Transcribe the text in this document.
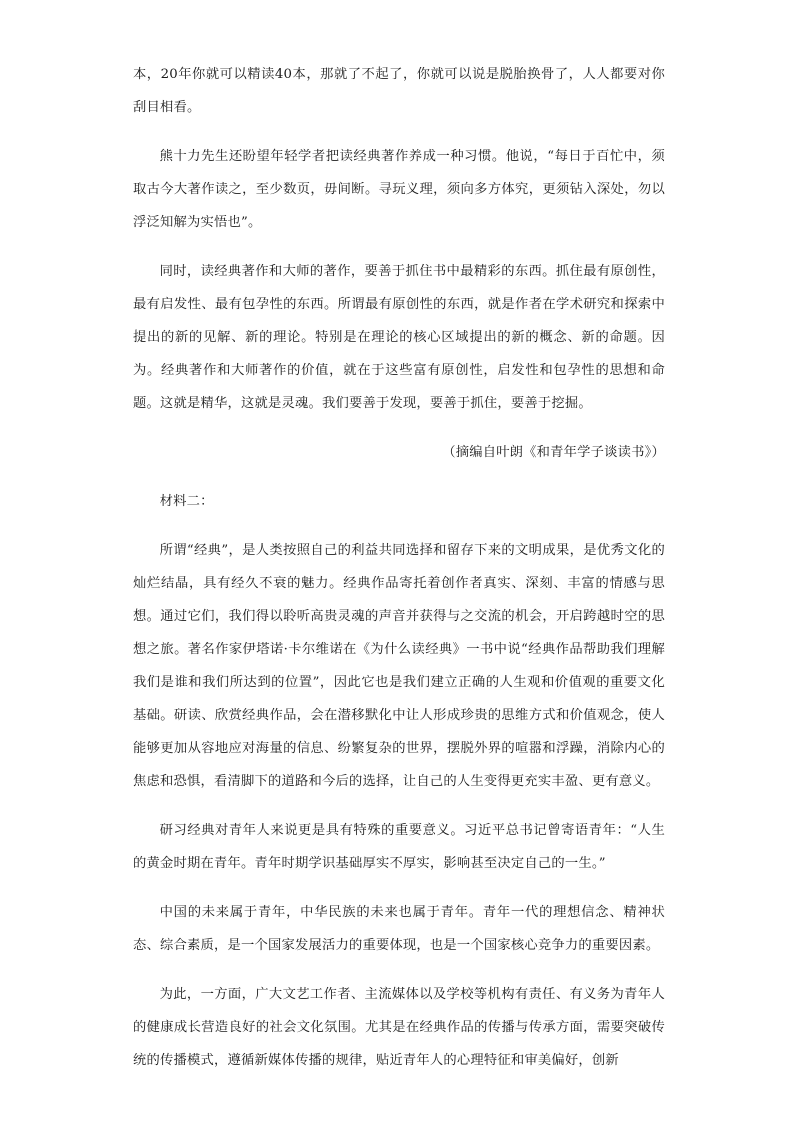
本，20年你就可以精读40本，那就了不起了，你就可以说是脱胎换骨了，人人都要对你刮目相看。

熊十力先生还盼望年轻学者把读经典著作养成一种习惯。他说，“每日于百忙中，须取古今大著作读之，至少数页，毋间断。寻玩义理，须向多方体究，更须钻入深处，勿以浮泛知解为实悟也”。

同时，读经典著作和大师的著作，要善于抓住书中最精彩的东西。抓住最有原创性，最有启发性、最有包孕性的东西。所谓最有原创性的东西，就是作者在学术研究和探索中提出的新的见解、新的理论。特别是在理论的核心区域提出的新的概念、新的命题。因为。经典著作和大师著作的价值，就在于这些富有原创性，启发性和包孕性的思想和命题。这就是精华，这就是灵魂。我们要善于发现，要善于抓住，要善于挖掘。

（摘编自叶朗《和青年学子谈读书》）

材料二：

所谓“经典”，是人类按照自己的利益共同选择和留存下来的文明成果，是优秀文化的灿烂结晶，具有经久不衰的魅力。经典作品寄托着创作者真实、深刻、丰富的情感与思想。通过它们，我们得以聆听高贵灵魂的声音并获得与之交流的机会，开启跨越时空的思想之旅。著名作家伊塔诺·卡尔维诺在《为什么读经典》一书中说“经典作品帮助我们理解我们是谁和我们所达到的位置”，因此它也是我们建立正确的人生观和价值观的重要文化基础。研读、欣赏经典作品，会在潜移默化中让人形成珍贵的思维方式和价值观念，使人能够更加从容地应对海量的信息、纷繁复杂的世界，摆脱外界的喧嚣和浮躁，消除内心的焦虑和恐惧，看清脚下的道路和今后的选择，让自己的人生变得更充实丰盈、更有意义。

研习经典对青年人来说更是具有特殊的重要意义。习近平总书记曾寄语青年：“人生的黄金时期在青年。青年时期学识基础厚实不厚实，影响甚至决定自己的一生。”

中国的未来属于青年，中华民族的未来也属于青年。青年一代的理想信念、精神状态、综合素质，是一个国家发展活力的重要体现，也是一个国家核心竞争力的重要因素。

为此，一方面，广大文艺工作者、主流媒体以及学校等机构有责任、有义务为青年人的健康成长营造良好的社会文化氛围。尤其是在经典作品的传播与传承方面，需要突破传统的传播模式，遵循新媒体传播的规律，贴近青年人的心理特征和审美偏好，创新
